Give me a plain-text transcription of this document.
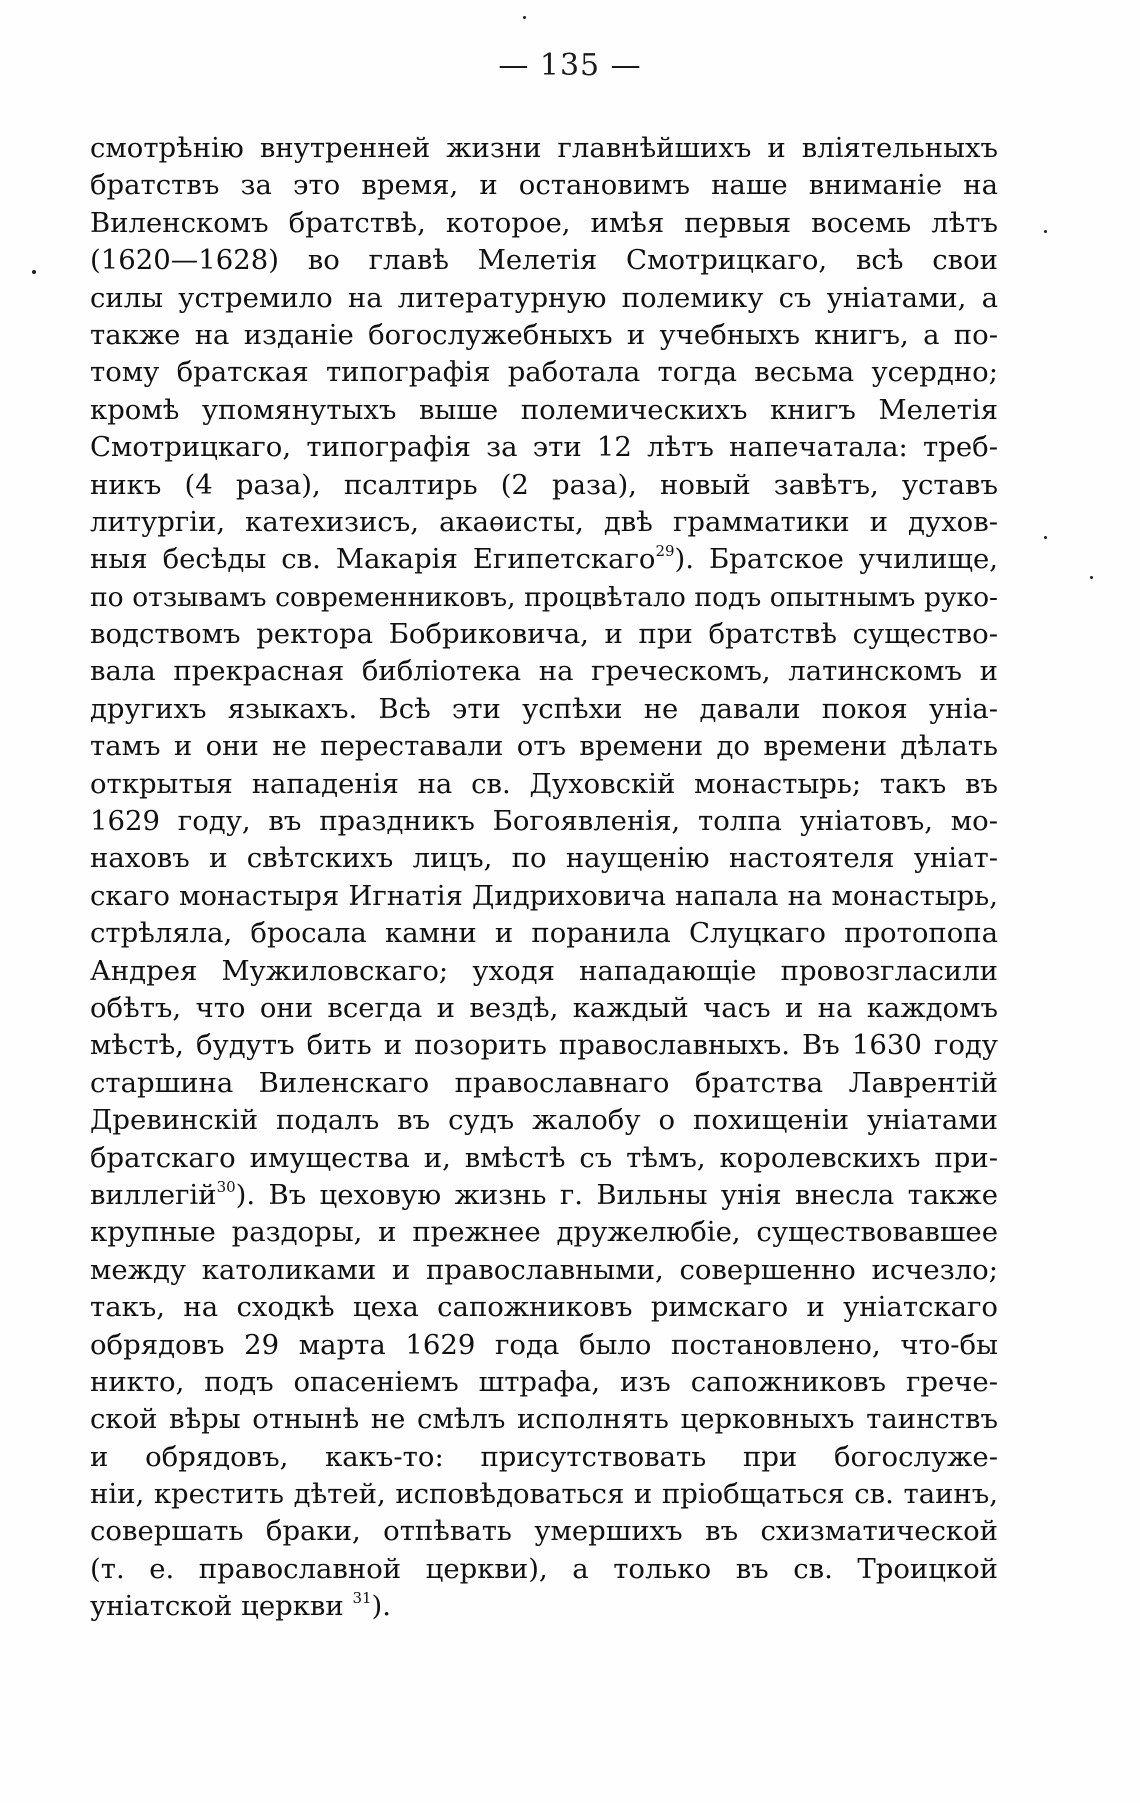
— 135 —
смотрѣнію внутренней жизни главнѣйшихъ и вліятельныхъ
братствъ за это время, и остановимъ наше вниманіе на
Виленскомъ братствѣ, которое, имѣя первыя восемь лѣтъ
(1620—1628) во главѣ Мелетія Смотрицкаго, всѣ свои
силы устремило на литературную полемику съ уніатами, а
также на изданіе богослужебныхъ и учебныхъ книгъ, а по-
тому братская типографія работала тогда весьма усердно;
кромѣ упомянутыхъ выше полемическихъ книгъ Мелетія
Смотрицкаго, типографія за эти 12 лѣтъ напечатала: треб-
никъ (4 раза), псалтирь (2 раза), новый завѣтъ, уставъ
литургіи, катехизисъ, акаѳисты, двѣ грамматики и духов-
ныя бесѣды св. Макарія Египетскаго$^{29}$). Братское училище,
по отзывамъ современниковъ, процвѣтало подъ опытнымъ руко-
водствомъ ректора Бобриковича, и при братствѣ существо-
вала прекрасная библіотека на греческомъ, латинскомъ и
другихъ языкахъ. Всѣ эти успѣхи не давали покоя уніа-
тамъ и они не переставали отъ времени до времени дѣлать
открытыя нападенія на св. Духовскій монастырь; такъ въ
1629 году, въ праздникъ Богоявленія, толпа уніатовъ, мо-
наховъ и свѣтскихъ лицъ, по наущенію настоятеля уніат-
скаго монастыря Игнатія Дидриховича напала на монастырь,
стрѣляла, бросала камни и поранила Слуцкаго протопопа
Андрея Мужиловскаго; уходя нападающіе провозгласили
обѣтъ, что они всегда и вездѣ, каждый часъ и на каждомъ
мѣстѣ, будутъ бить и позорить православныхъ. Въ 1630 году
старшина Виленскаго православнаго братства Лаврентій
Древинскій подалъ въ судъ жалобу о похищеніи уніатами
братскаго имущества и, вмѣстѣ съ тѣмъ, королевскихъ при-
виллегій$^{30}$). Въ цеховую жизнь г. Вильны унія внесла также
крупные раздоры, и прежнее дружелюбіе, существовавшее
между католиками и православными, совершенно исчезло;
такъ, на сходкѣ цеха сапожниковъ римскаго и уніатскаго
обрядовъ 29 марта 1629 года было постановлено, что-бы
никто, подъ опасеніемъ штрафа, изъ сапожниковъ грече-
ской вѣры отнынѣ не смѣлъ исполнять церковныхъ таинствъ
и обрядовъ, какъ-то: присутствовать при богослуже-
ніи, крестить дѣтей, исповѣдоваться и пріобщаться св. таинъ,
совершать браки, отпѣвать умершихъ въ схизматической
(т. е. православной церкви), а только въ св. Троицкой
уніатской церкви $^{31}$).
